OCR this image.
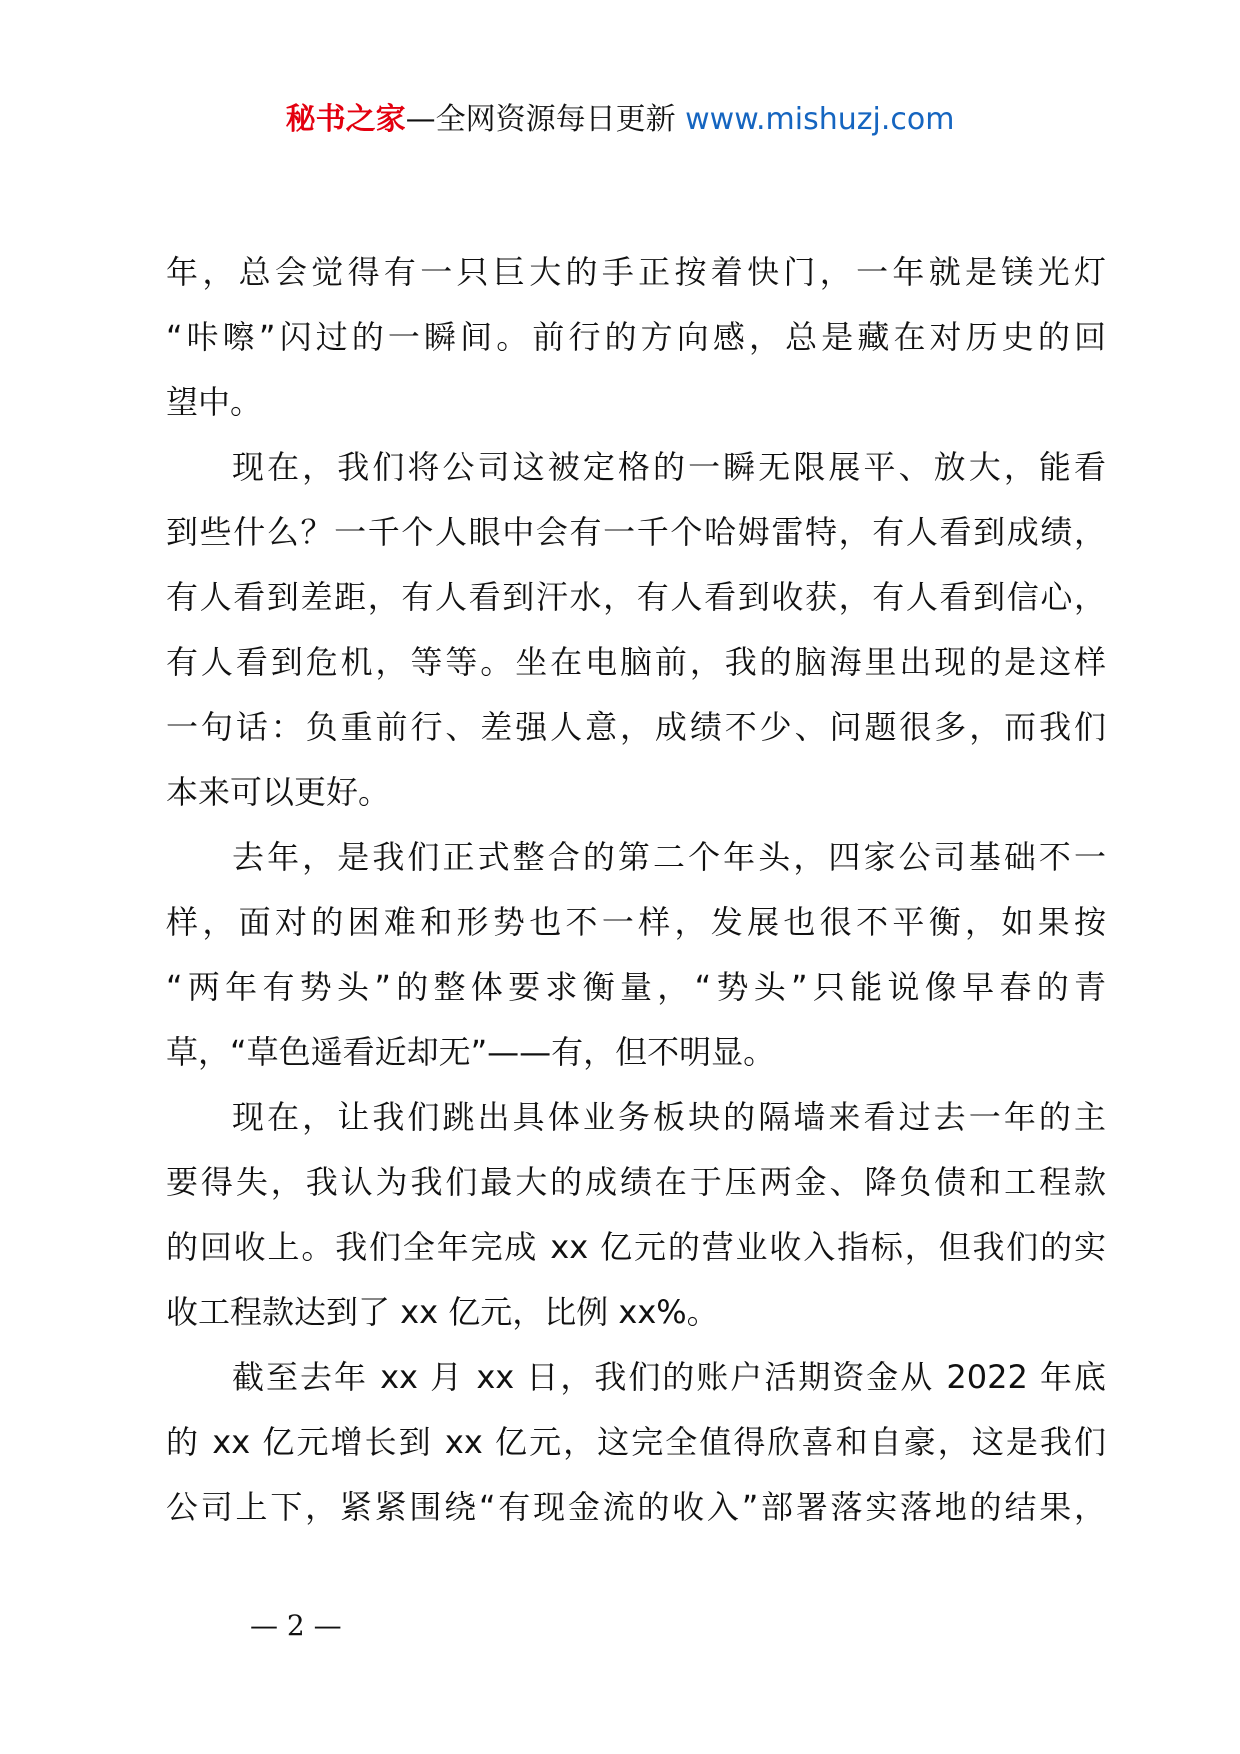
秘书之家—全网资源每日更新 www.mishuzj.com
年，总会觉得有一只巨大的手正按着快门，一年就是镁光灯
“咔嚓”闪过的一瞬间。前行的方向感，总是藏在对历史的回
望中。
现在，我们将公司这被定格的一瞬无限展平、放大，能看
到些什么？一千个人眼中会有一千个哈姆雷特，有人看到成绩，
有人看到差距，有人看到汗水，有人看到收获，有人看到信心，
有人看到危机，等等。坐在电脑前，我的脑海里出现的是这样
一句话：负重前行、差强人意，成绩不少、问题很多，而我们
本来可以更好。
去年，是我们正式整合的第二个年头，四家公司基础不一
样，面对的困难和形势也不一样，发展也很不平衡，如果按
“两年有势头”的整体要求衡量，“势头”只能说像早春的青
草，“草色遥看近却无”——有，但不明显。
现在，让我们跳出具体业务板块的隔墙来看过去一年的主
要得失，我认为我们最大的成绩在于压两金、降负债和工程款
的回收上。我们全年完成 xx 亿元的营业收入指标，但我们的实
收工程款达到了 xx 亿元，比例 xx%。
截至去年 xx 月 xx 日，我们的账户活期资金从 2022 年底
的 xx 亿元增长到 xx 亿元，这完全值得欣喜和自豪，这是我们
公司上下，紧紧围绕“有现金流的收入”部署落实落地的结果，
— 2 —
